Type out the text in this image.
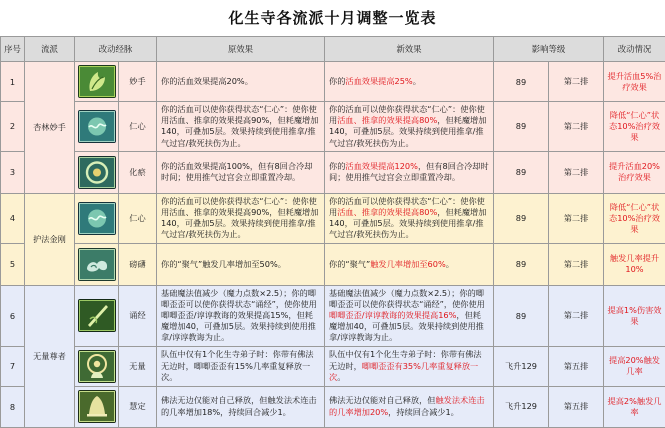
化生寺各流派十月调整一览表
序号	流派	改动经脉		原效果	新效果	影响等级		改动情况
1	杏林妙手		妙手	你的活血效果提高20%。	你的活血效果提高25%。	89	第二排	提升活血5%治疗效果
2			仁心	你的活血可以使你获得状态“仁心”：使你使用活血、推拿的效果提高90%，但耗魔增加140，可叠加5层。效果持续到使用推拿/推气过宫/救死扶伤为止。	你的活血可以使你获得状态“仁心”：使你使用活血、推拿的效果提高80%，但耗魔增加140，可叠加5层。效果持续到使用推拿/推气过宫/救死扶伤为止。	89	第二排	降低“仁心”状态10%治疗效果
3			化瘀	你的活血效果提高100%，但有8回合冷却时间；使用推气过宫会立即重置冷却。	你的活血效果提高120%，但有8回合冷却时间；使用推气过宫会立即重置冷却。	89	第二排	提升活血20%治疗效果
4	护法金刚		仁心	你的活血可以使你获得状态“仁心”：使你使用活血、推拿的效果提高90%，但耗魔增加140，可叠加5层。效果持续到使用推拿/推气过宫/救死扶伤为止。	你的活血可以使你获得状态“仁心”：使你使用活血、推拿的效果提高80%，但耗魔增加140，可叠加5层。效果持续到使用推拿/推气过宫/救死扶伤为止。	89	第二排	降低“仁心”状态10%治疗效果
5			磅礴	你的“聚气”触发几率增加至50%。	你的“聚气”触发几率增加至60%。	89	第二排	触发几率提升10%
6	无量尊者		诵经	基础魔法值减少（魔力点数×2.5）；你的唧唧歪歪可以使你获得状态“诵经”，使你使用唧唧歪歪/谆谆教诲的效果提高15%，但耗魔增加40，可叠加5层。效果持续到使用推拿/谆谆教诲为止。	基础魔法值减少（魔力点数×2.5）；你的唧唧歪歪可以使你获得状态“诵经”，使你使用唧唧歪歪/谆谆教诲的效果提高16%，但耗魔增加40，可叠加5层。效果持续到使用推拿/谆谆教诲为止。	89	第二排	提高1%伤害效果
7			无量	队伍中仅有1个化生寺弟子时：你带有佛法无边时，唧唧歪歪有15%几率重复释放一次。	队伍中仅有1个化生寺弟子时：你带有佛法无边时，唧唧歪歪有35%几率重复释放一次。	飞升129	第五排	提高20%触发几率
8			慧定	佛法无边仅能对自己释放，但触发法术连击的几率增加18%，持续回合减少1。	佛法无边仅能对自己释放，但触发法术连击的几率增加20%，持续回合减少1。	飞升129	第五排	提高2%触发几率
